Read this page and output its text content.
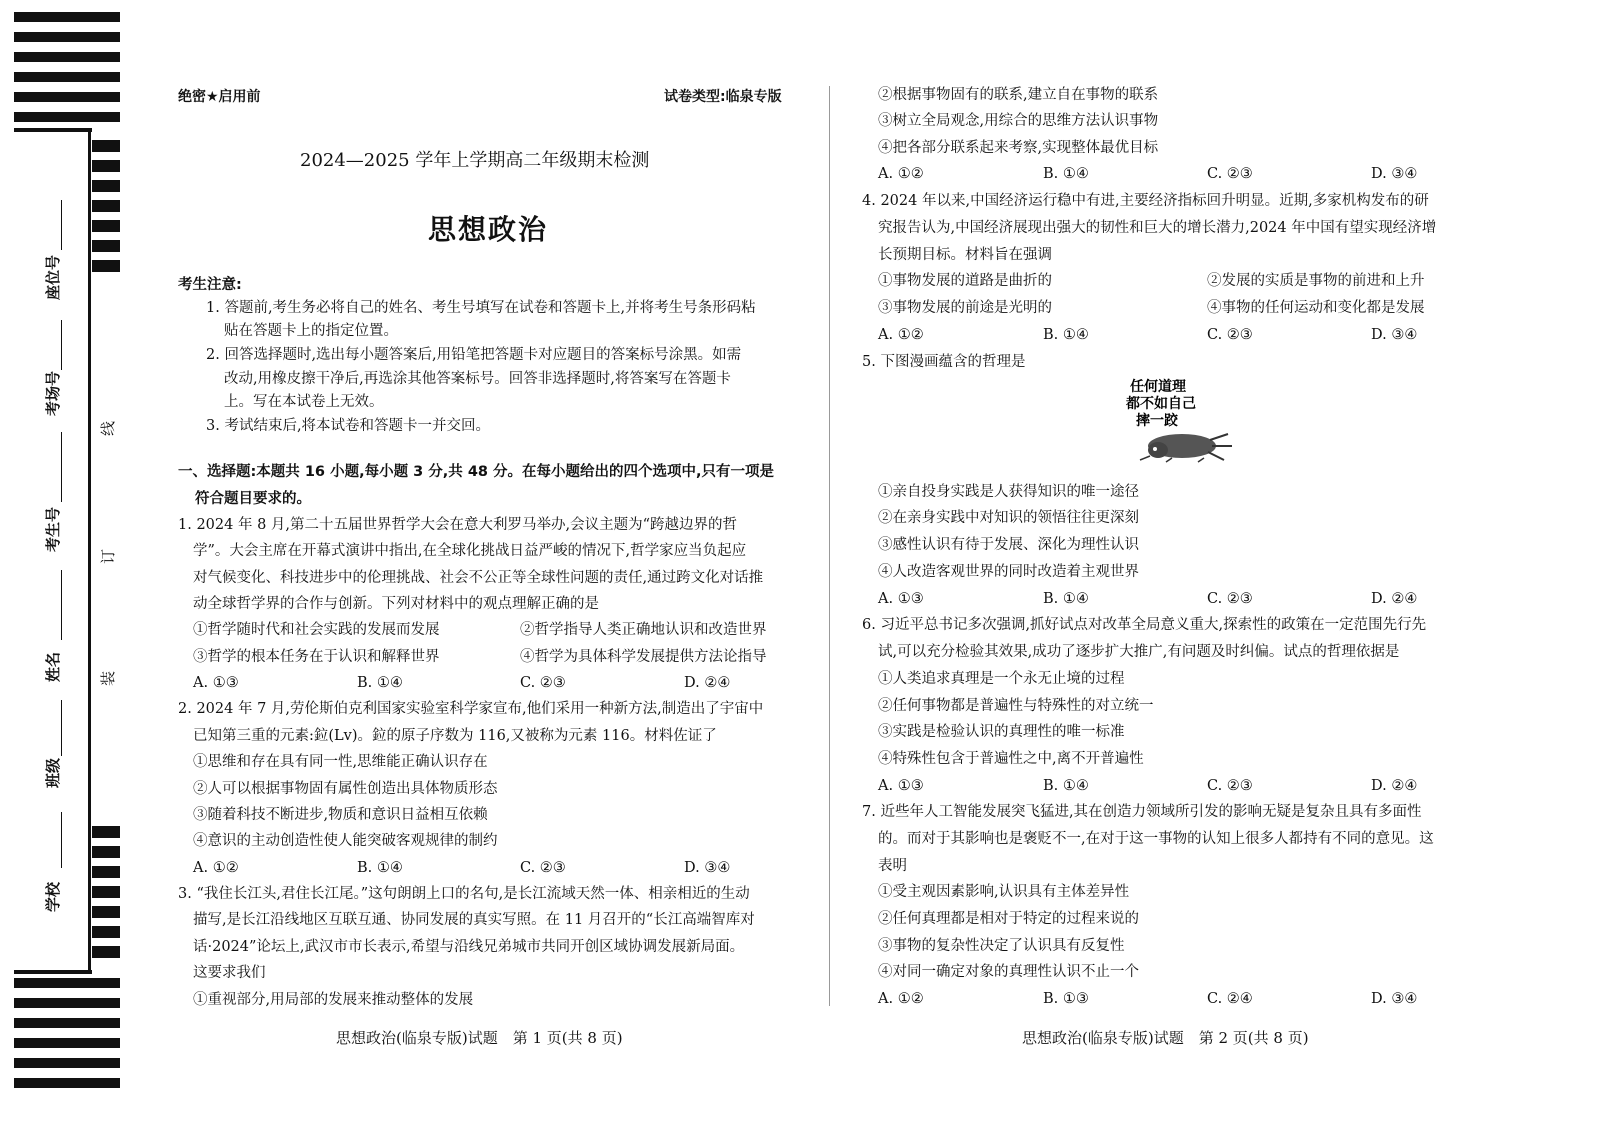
座位号
考场号
考生号
姓名
班级
学校
线
订
装
绝密★启用前	试卷类型:临泉专版
2024—2025 学年上学期高二年级期末检测
思想政治
考生注意:
1. 答题前,考生务必将自己的姓名、考生号填写在试卷和答题卡上,并将考生号条形码粘
贴在答题卡上的指定位置。
2. 回答选择题时,选出每小题答案后,用铅笔把答题卡对应题目的答案标号涂黑。如需
改动,用橡皮擦干净后,再选涂其他答案标号。回答非选择题时,将答案写在答题卡
上。写在本试卷上无效。
3. 考试结束后,将本试卷和答题卡一并交回。
一、选择题:本题共 16 小题,每小题 3 分,共 48 分。在每小题给出的四个选项中,只有一项是
符合题目要求的。
1. 2024 年 8 月,第二十五届世界哲学大会在意大利罗马举办,会议主题为“跨越边界的哲
学”。大会主席在开幕式演讲中指出,在全球化挑战日益严峻的情况下,哲学家应当负起应
对气候变化、科技进步中的伦理挑战、社会不公正等全球性问题的责任,通过跨文化对话推
动全球哲学界的合作与创新。下列对材料中的观点理解正确的是
①哲学随时代和社会实践的发展而发展	②哲学指导人类正确地认识和改造世界
③哲学的根本任务在于认识和解释世界	④哲学为具体科学发展提供方法论指导
A. ①③	B. ①④	C. ②③	D. ②④
2. 2024 年 7 月,劳伦斯伯克利国家实验室科学家宣布,他们采用一种新方法,制造出了宇宙中
已知第三重的元素:鉝(Lv)。鉝的原子序数为 116,又被称为元素 116。材料佐证了
①思维和存在具有同一性,思维能正确认识存在
②人可以根据事物固有属性创造出具体物质形态
③随着科技不断进步,物质和意识日益相互依赖
④意识的主动创造性使人能突破客观规律的制约
A. ①②	B. ①④	C. ②③	D. ③④
3. “我住长江头,君住长江尾。”这句朗朗上口的名句,是长江流域天然一体、相亲相近的生动
描写,是长江沿线地区互联互通、协同发展的真实写照。在 11 月召开的“长江高端智库对
话·2024”论坛上,武汉市市长表示,希望与沿线兄弟城市共同开创区域协调发展新局面。
这要求我们
①重视部分,用局部的发展来推动整体的发展
②根据事物固有的联系,建立自在事物的联系
③树立全局观念,用综合的思维方法认识事物
④把各部分联系起来考察,实现整体最优目标
A. ①②	B. ①④	C. ②③	D. ③④
4. 2024 年以来,中国经济运行稳中有进,主要经济指标回升明显。近期,多家机构发布的研
究报告认为,中国经济展现出强大的韧性和巨大的增长潜力,2024 年中国有望实现经济增
长预期目标。材料旨在强调
①事物发展的道路是曲折的	②发展的实质是事物的前进和上升
③事物发展的前途是光明的	④事物的任何运动和变化都是发展
A. ①②	B. ①④	C. ②③	D. ③④
5. 下图漫画蕴含的哲理是
任何道理
都不如自己
摔一跤
①亲自投身实践是人获得知识的唯一途径
②在亲身实践中对知识的领悟往往更深刻
③感性认识有待于发展、深化为理性认识
④人改造客观世界的同时改造着主观世界
A. ①③	B. ①④	C. ②③	D. ②④
6. 习近平总书记多次强调,抓好试点对改革全局意义重大,探索性的政策在一定范围先行先
试,可以充分检验其效果,成功了逐步扩大推广,有问题及时纠偏。试点的哲理依据是
①人类追求真理是一个永无止境的过程
②任何事物都是普遍性与特殊性的对立统一
③实践是检验认识的真理性的唯一标准
④特殊性包含于普遍性之中,离不开普遍性
A. ①③	B. ①④	C. ②③	D. ②④
7. 近些年人工智能发展突飞猛进,其在创造力领域所引发的影响无疑是复杂且具有多面性
的。而对于其影响也是褒贬不一,在对于这一事物的认知上很多人都持有不同的意见。这
表明
①受主观因素影响,认识具有主体差异性
②任何真理都是相对于特定的过程来说的
③事物的复杂性决定了认识具有反复性
④对同一确定对象的真理性认识不止一个
A. ①②	B. ①③	C. ②④	D. ③④
思想政治(临泉专版)试题　第 1 页(共 8 页)	思想政治(临泉专版)试题　第 2 页(共 8 页)
